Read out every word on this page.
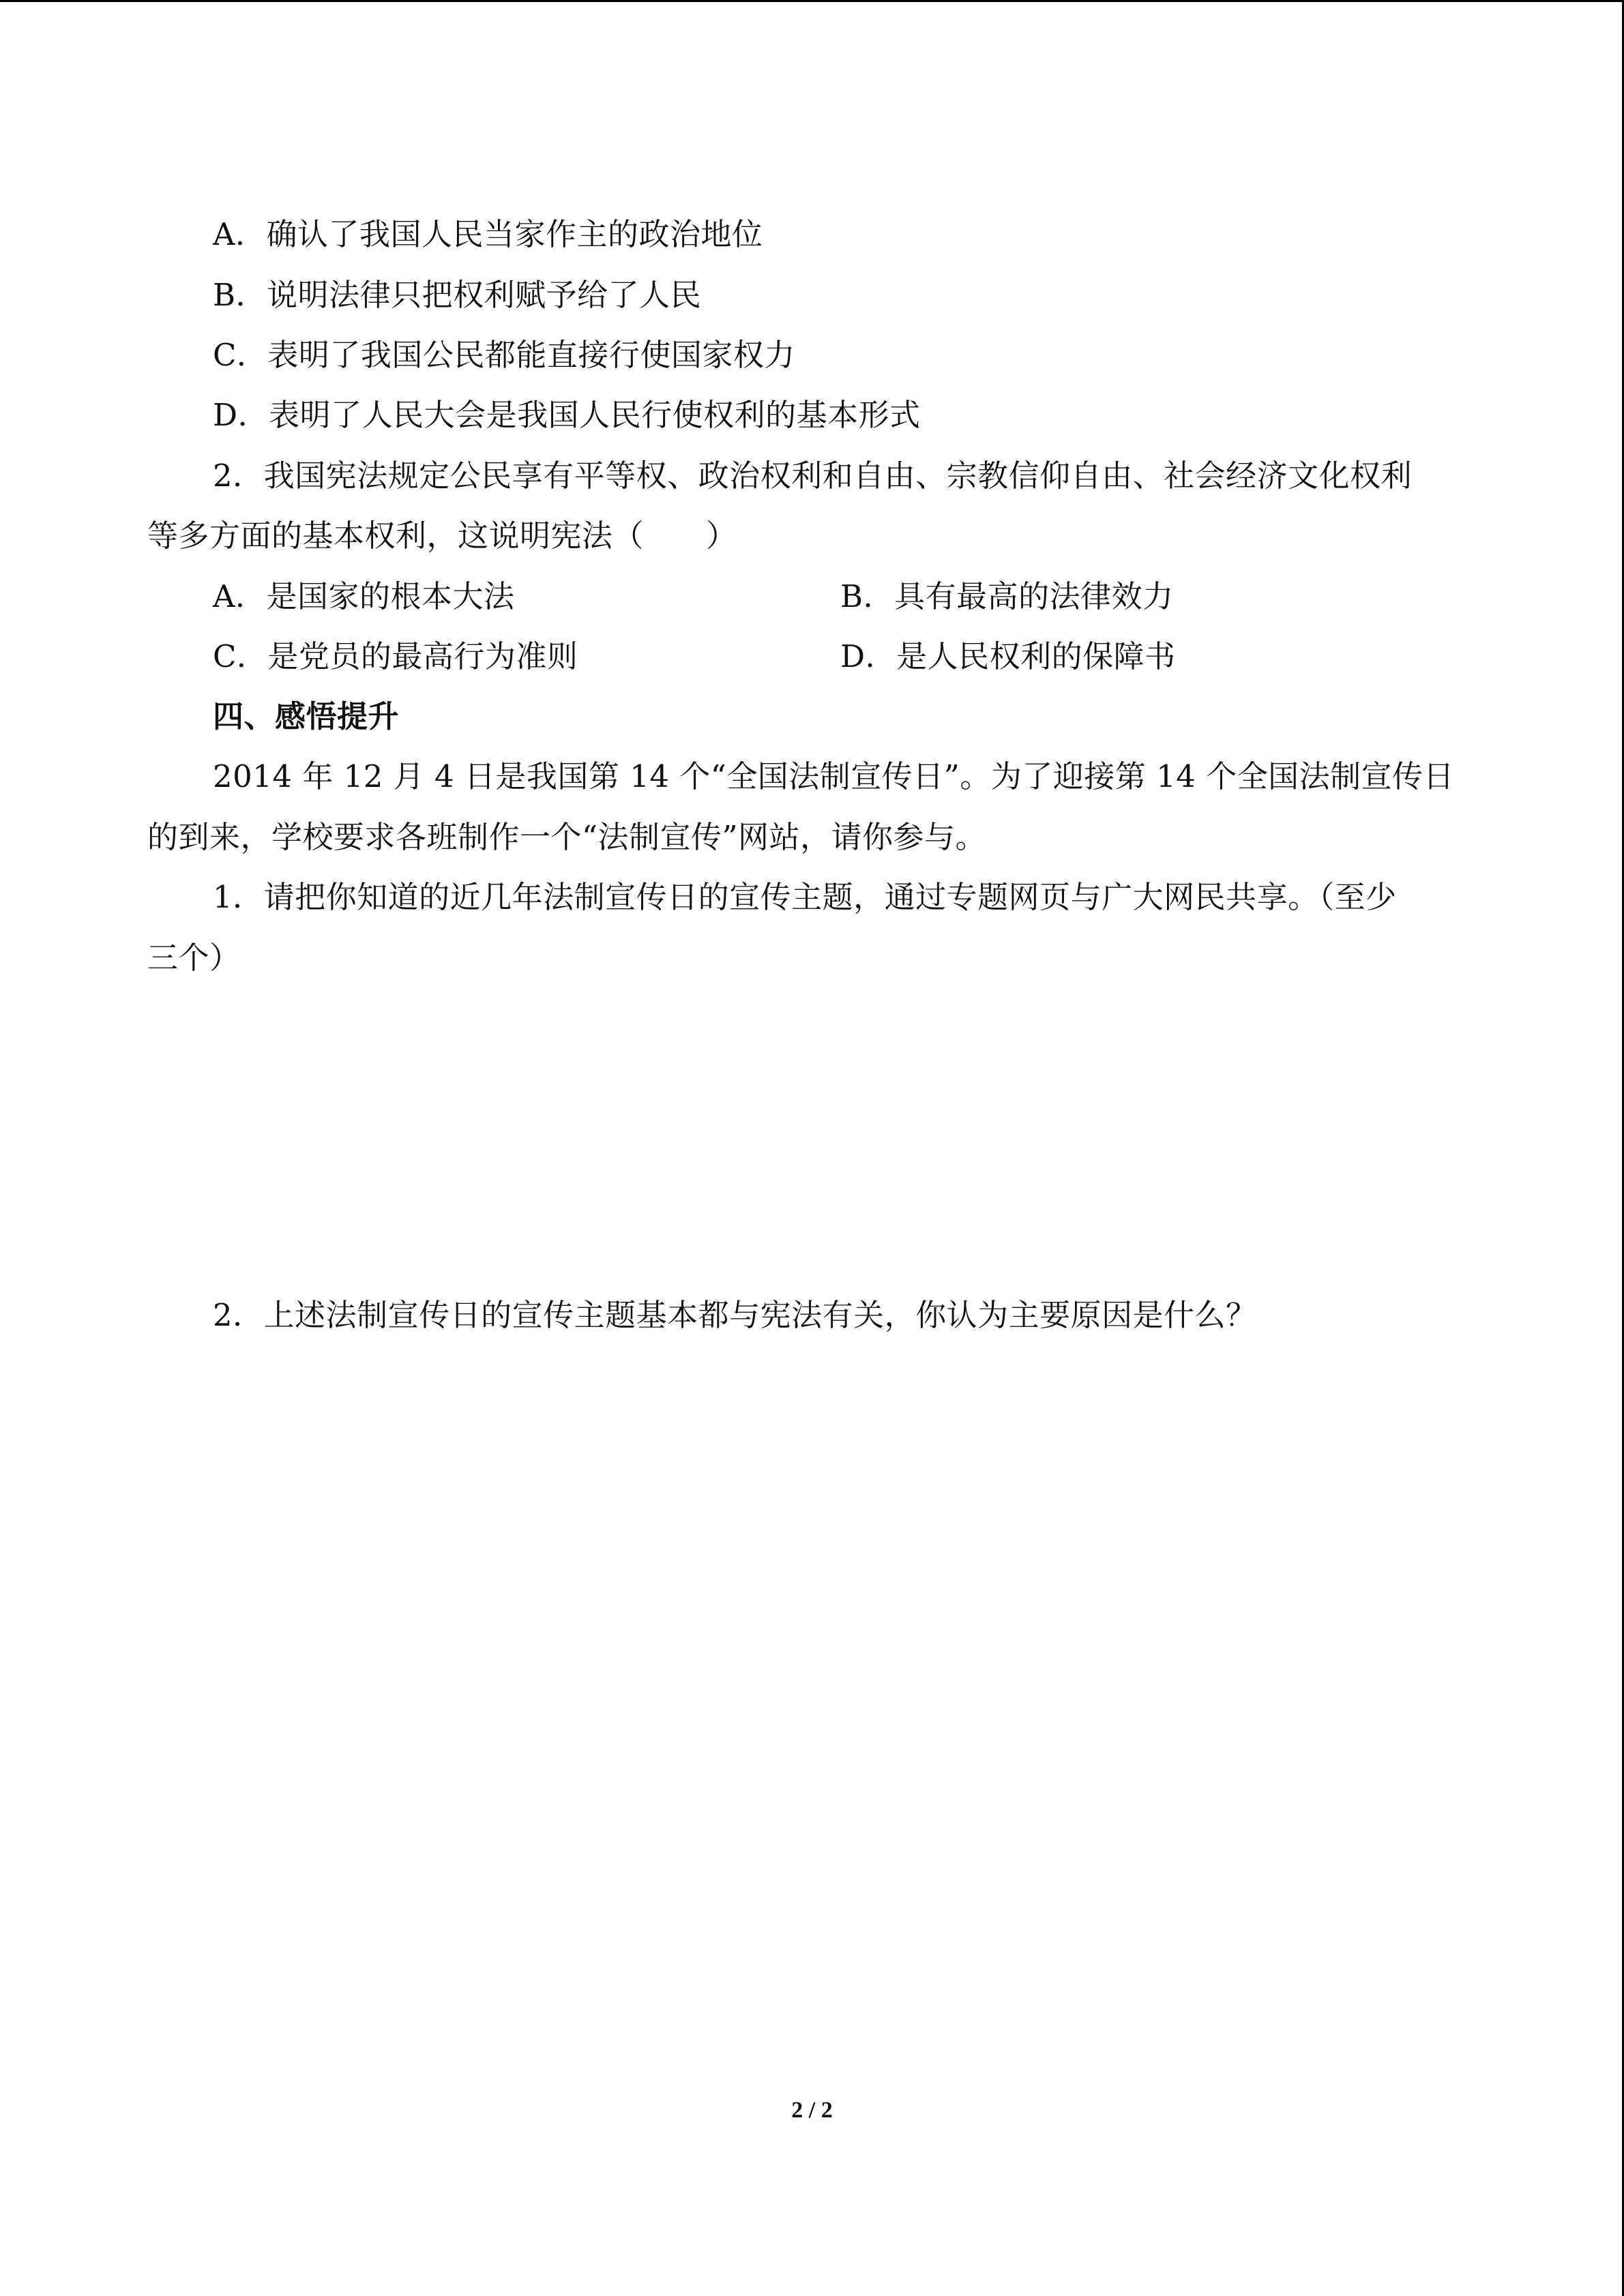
A．确认了我国人民当家作主的政治地位
B．说明法律只把权利赋予给了人民
C．表明了我国公民都能直接行使国家权力
D．表明了人民大会是我国人民行使权利的基本形式
2．我国宪法规定公民享有平等权、政治权利和自由、宗教信仰自由、社会经济文化权利
等多方面的基本权利，这说明宪法（　　）
A．是国家的根本大法	B．具有最高的法律效力
C．是党员的最高行为准则	D．是人民权利的保障书
四、感悟提升
2014 年 12 月 4 日是我国第 14 个“全国法制宣传日”。为了迎接第 14 个全国法制宣传日
的到来，学校要求各班制作一个“法制宣传”网站，请你参与。
1．请把你知道的近几年法制宣传日的宣传主题，通过专题网页与广大网民共享。（至少
三个）
2．上述法制宣传日的宣传主题基本都与宪法有关，你认为主要原因是什么？
2 / 2
